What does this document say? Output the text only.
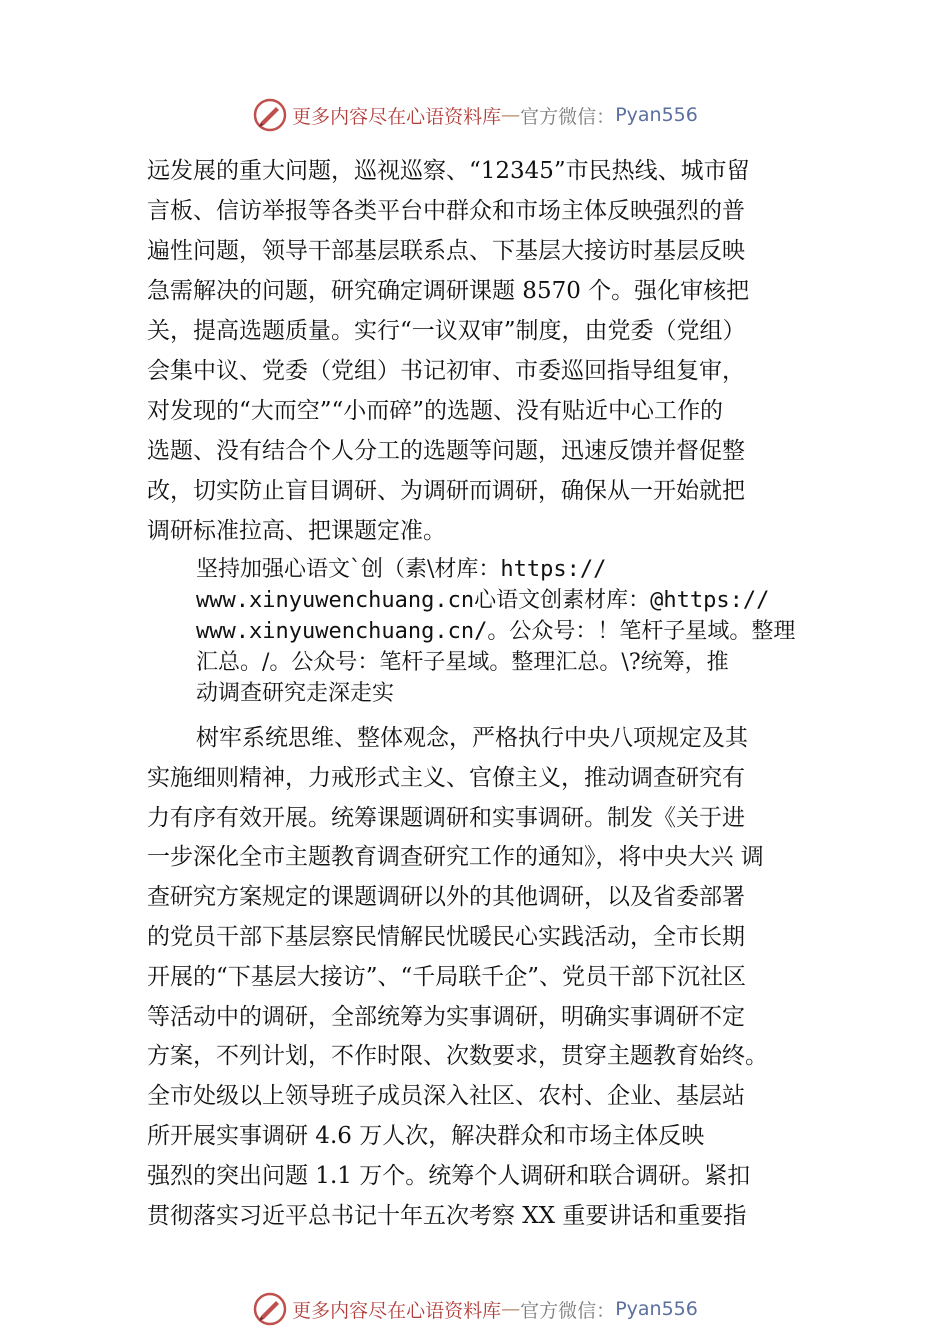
更多内容尽在心语资料库 — 官方微信： Pyan556
远发展的重大问题，巡视巡察、“12345”市民热线、城市留
言板、信访举报等各类平台中群众和市场主体反映强烈的普
遍性问题，领导干部基层联系点、下基层大接访时基层反映
急需解决的问题，研究确定调研课题 8570 个。强化审核把
关，提高选题质量。实行“一议双审”制度，由党委（党组）
会集中议、党委（党组）书记初审、市委巡回指导组复审，
对发现的“大而空”“小而碎”的选题、没有贴近中心工作的
选题、没有结合个人分工的选题等问题，迅速反馈并督促整
改，切实防止盲目调研、为调研而调研，确保从一开始就把
调研标准拉高、把课题定准。
坚持加强心语文`创（素\材库：https://
www.xinyuwenchuang.cn心语文创素材库：@https://
www.xinyuwenchuang.cn/。公众号：！笔杆子星域。整理
汇总。/。公众号：笔杆子星域。整理汇总。\?统筹，推
动调查研究走深走实
树牢系统思维、整体观念，严格执行中央八项规定及其
实施细则精神，力戒形式主义、官僚主义，推动调查研究有
力有序有效开展。统筹课题调研和实事调研。制发《关于进
一步深化全市主题教育调查研究工作的通知》，将中央大兴 调
查研究方案规定的课题调研以外的其他调研，以及省委部署
的党员干部下基层察民情解民忧暖民心实践活动，全市长期
开展的“下基层大接访”、“千局联千企”、党员干部下沉社区
等活动中的调研，全部统筹为实事调研，明确实事调研不定
方案，不列计划，不作时限、次数要求，贯穿主题教育始终。
全市处级以上领导班子成员深入社区、农村、企业、基层站
所开展实事调研 4.6 万人次，解决群众和市场主体反映
强烈的突出问题 1.1 万个。统筹个人调研和联合调研。紧扣
贯彻落实习近平总书记十年五次考察 XX 重要讲话和重要指
更多内容尽在心语资料库 — 官方微信： Pyan556
